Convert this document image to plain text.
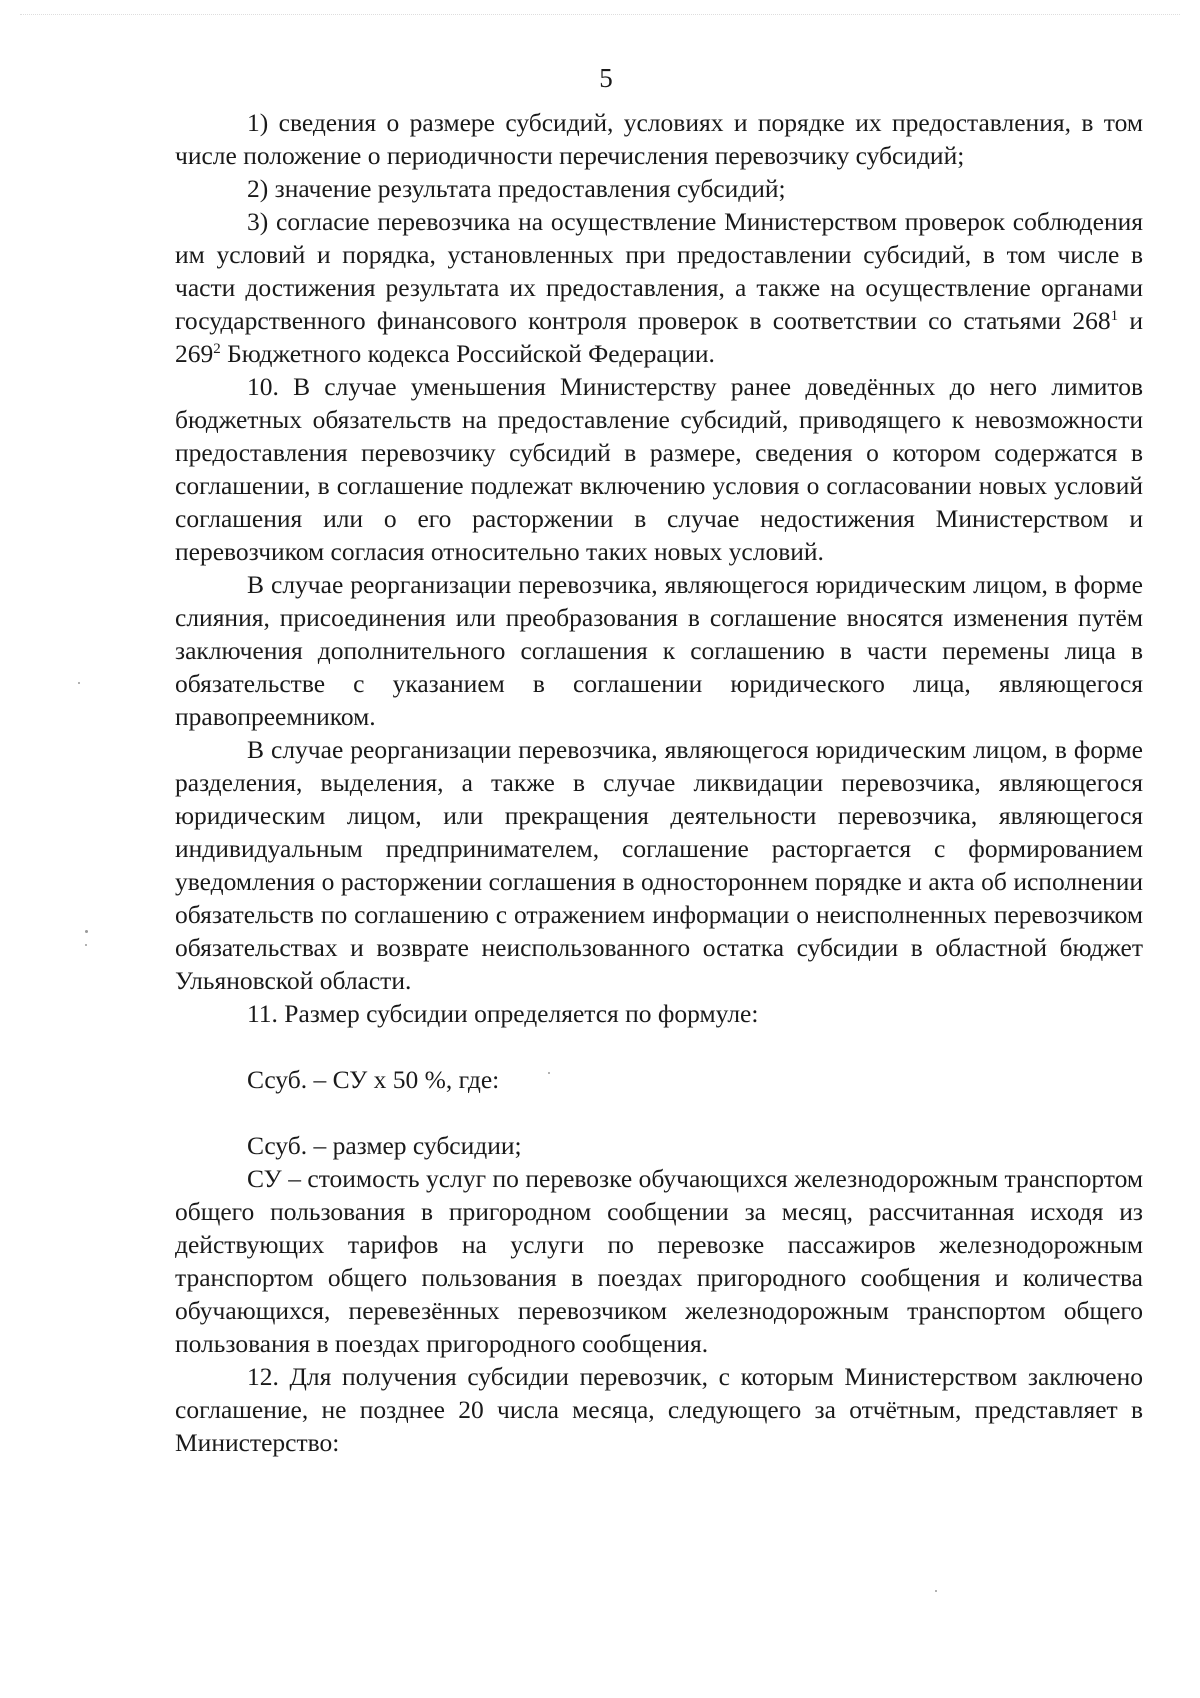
5

1) сведения о размере субсидий, условиях и порядке их предоставления, в том числе положение о периодичности перечисления перевозчику субсидий;

2) значение результата предоставления субсидий;

3) согласие перевозчика на осуществление Министерством проверок соблюдения им условий и порядка, установленных при предоставлении субсидий, в том числе в части достижения результата их предоставления, а также на осуществление органами государственного финансового контроля проверок в соответствии со статьями $268^1$ и $269^2$ Бюджетного кодекса Российской Федерации.

10. В случае уменьшения Министерству ранее доведённых до него лимитов бюджетных обязательств на предоставление субсидий, приводящего к невозможности предоставления перевозчику субсидий в размере, сведения о котором содержатся в соглашении, в соглашение подлежат включению условия о согласовании новых условий соглашения или о его расторжении в случае недостижения Министерством и перевозчиком согласия относительно таких новых условий.

В случае реорганизации перевозчика, являющегося юридическим лицом, в форме слияния, присоединения или преобразования в соглашение вносятся изменения путём заключения дополнительного соглашения к соглашению в части перемены лица в обязательстве с указанием в соглашении юридического лица, являющегося правопреемником.

В случае реорганизации перевозчика, являющегося юридическим лицом, в форме разделения, выделения, а также в случае ликвидации перевозчика, являющегося юридическим лицом, или прекращения деятельности перевозчика, являющегося индивидуальным предпринимателем, соглашение расторгается с формированием уведомления о расторжении соглашения в одностороннем порядке и акта об исполнении обязательств по соглашению с отражением информации о неисполненных перевозчиком обязательствах и возврате неиспользованного остатка субсидии в областной бюджет Ульяновской области.

11. Размер субсидии определяется по формуле:

Ссуб. – СУ х 50 %, где:

Ссуб. – размер субсидии;

СУ – стоимость услуг по перевозке обучающихся железнодорожным транспортом общего пользования в пригородном сообщении за месяц, рассчитанная исходя из действующих тарифов на услуги по перевозке пассажиров железнодорожным транспортом общего пользования в поездах пригородного сообщения и количества обучающихся, перевезённых перевозчиком железнодорожным транспортом общего пользования в поездах пригородного сообщения.

12. Для получения субсидии перевозчик, с которым Министерством заключено соглашение, не позднее 20 числа месяца, следующего за отчётным, представляет в Министерство:
